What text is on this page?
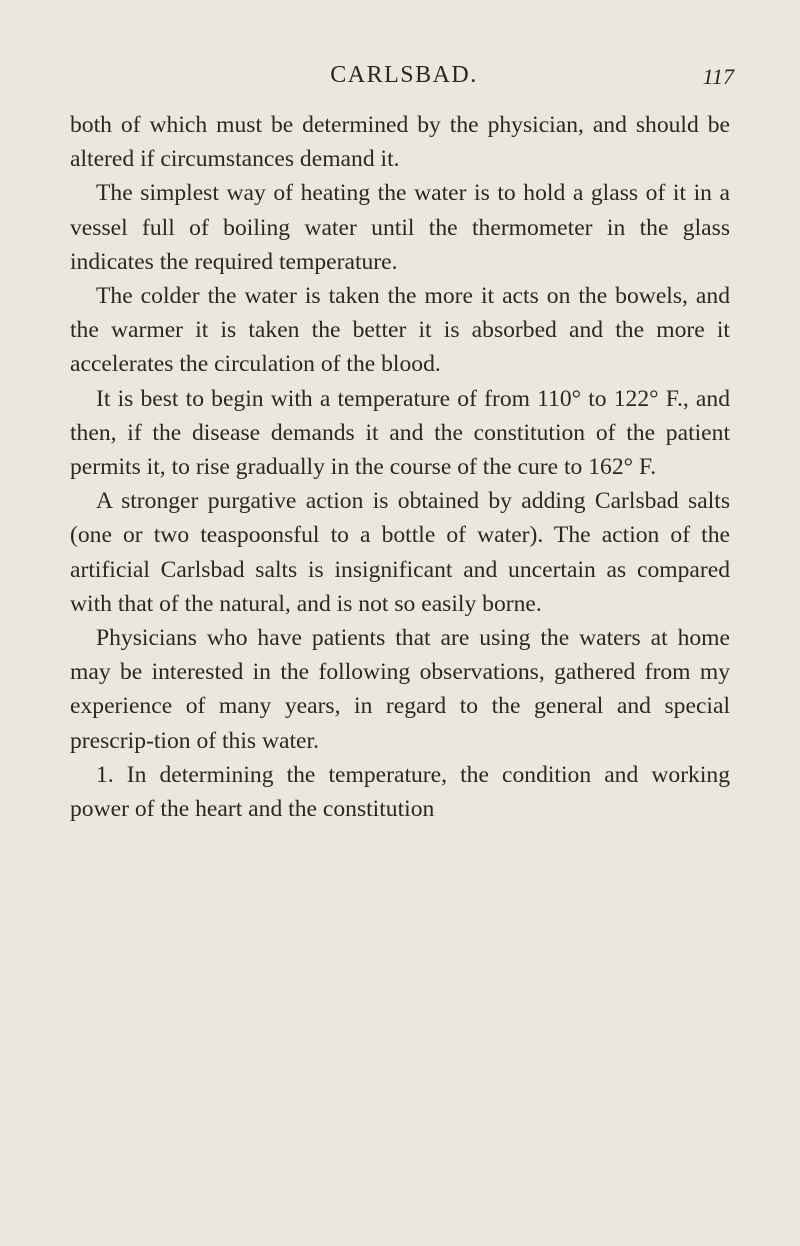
CARLSBAD.	117

both of which must be determined by the physician, and should be altered if circumstances demand it.

The simplest way of heating the water is to hold a glass of it in a vessel full of boiling water until the thermometer in the glass indicates the required temperature.

The colder the water is taken the more it acts on the bowels, and the warmer it is taken the better it is absorbed and the more it accelerates the circulation of the blood.

It is best to begin with a temperature of from 110° to 122° F., and then, if the disease demands it and the constitution of the patient permits it, to rise gradually in the course of the cure to 162° F.

A stronger purgative action is obtained by adding Carlsbad salts (one or two teaspoonsful to a bottle of water). The action of the artificial Carlsbad salts is insignificant and uncertain as compared with that of the natural, and is not so easily borne.

Physicians who have patients that are using the waters at home may be interested in the following observations, gathered from my experience of many years, in regard to the general and special prescrip-tion of this water.

1. In determining the temperature, the condition and working power of the heart and the constitution
